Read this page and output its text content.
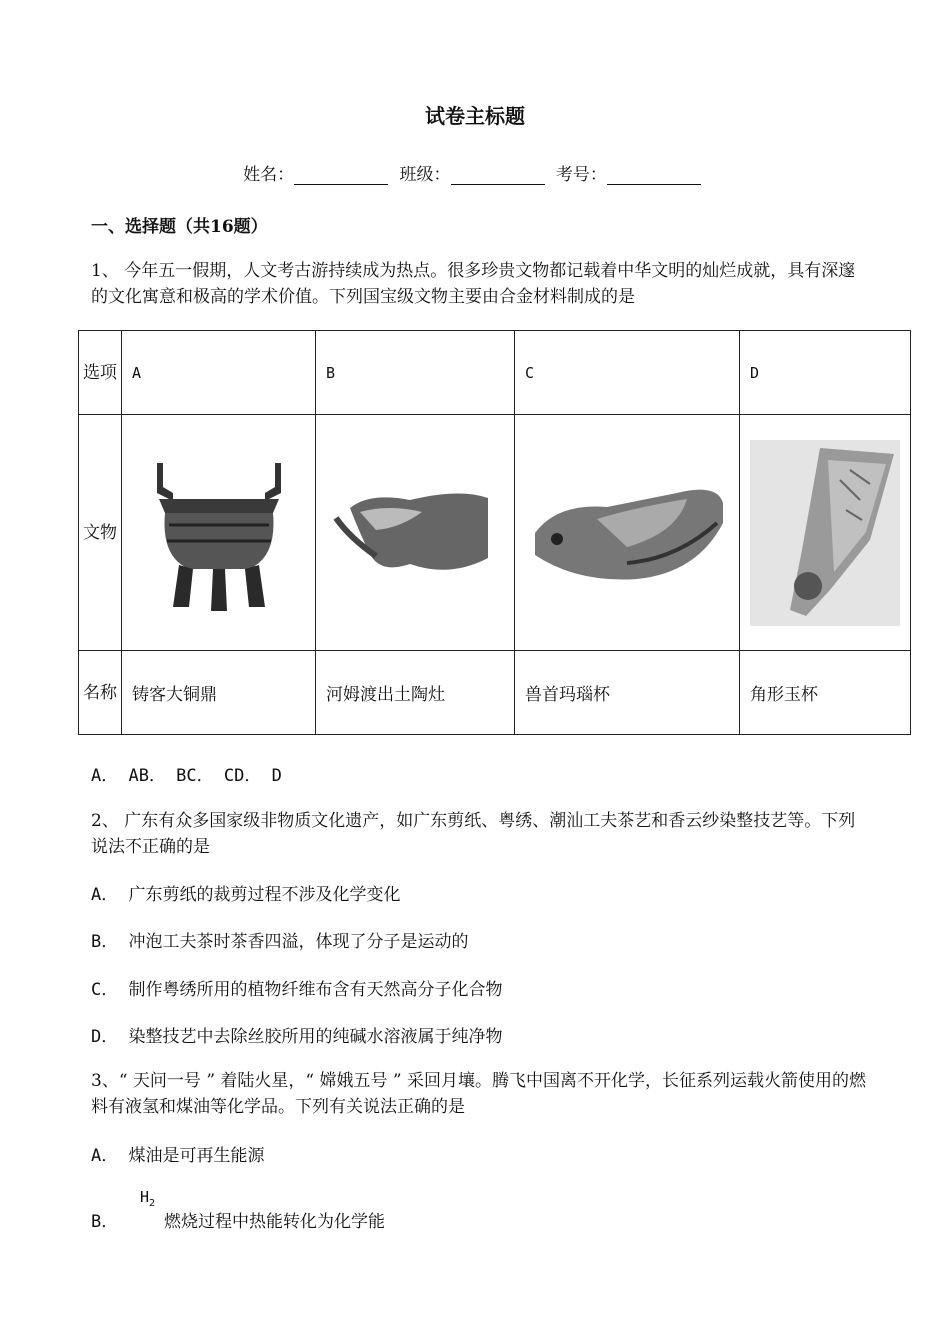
试卷主标题
姓名：	班级：	考号：
一、选择题（共16题）
1、 今年五一假期，人文考古游持续成为热点。很多珍贵文物都记载着中华文明的灿烂成就，具有深邃的文化寓意和极高的学术价值。下列国宝级文物主要由合金材料制成的是
选项	A	B	C	D
文物	

名称	铸客大铜鼎	河姆渡出土陶灶	兽首玛瑙杯	角形玉杯
A． AB． BC． CD． D
2、 广东有众多国家级非物质文化遗产，如广东剪纸、粤绣、潮汕工夫茶艺和香云纱染整技艺等。下列说法不正确的是
A． 广东剪纸的裁剪过程不涉及化学变化
B． 冲泡工夫茶时茶香四溢，体现了分子是运动的
C． 制作粤绣所用的植物纤维布含有天然高分子化合物
D． 染整技艺中去除丝胶所用的纯碱水溶液属于纯净物
3、“ 天问一号 ” 着陆火星，“ 嫦娥五号 ” 采回月壤。腾飞中国离不开化学，长征系列运载火箭使用的燃料有液氢和煤油等化学品。下列有关说法正确的是
A． 煤油是可再生能源
B．
$H_2$
燃烧过程中热能转化为化学能
